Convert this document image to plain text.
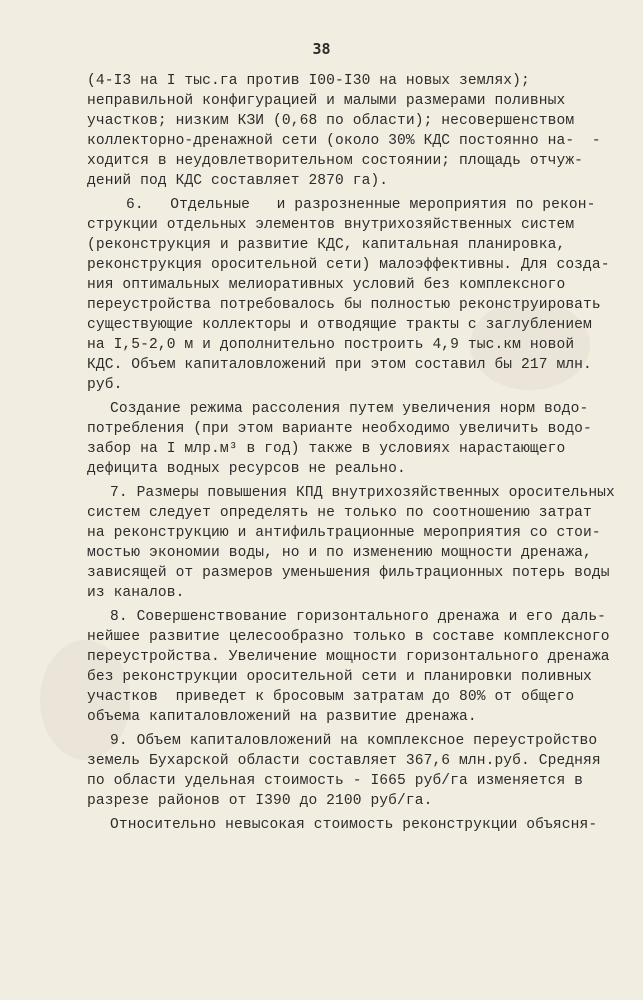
38
(4-I3 на I тыс.га против I00-I30 на новых землях);
неправильной конфигурацией и малыми размерами поливных
участков; низким КЗИ (0,68 по области); несовершенством
коллекторно-дренажной сети (около 30% КДС постоянно на-  -
ходится в неудовлетворительном состоянии; площадь отчуж-
дений под КДС составляет 2870 га).
6.   Отдельные   и разрозненные мероприятия по рекон-
струкции отдельных элементов внутрихозяйственных систем
(реконструкция и развитие КДС, капитальная планировка,
реконструкция оросительной сети) малоэффективны. Для созда-
ния оптимальных мелиоративных условий без комплексного
переустройства потребовалось бы полностью реконструировать
существующие коллекторы и отводящие тракты с заглублением
на I,5-2,0 м и дополнительно построить 4,9 тыс.км новой
КДС. Объем капиталовложений при этом составил бы 217 млн.
руб.
Создание режима рассоления путем увеличения норм водо-
потребления (при этом варианте необходимо увеличить водо-
забор на I млр.м³ в год) также в условиях нарастающего
дефицита водных ресурсов не реально.
7. Размеры повышения КПД внутрихозяйственных оросительных
систем следует определять не только по соотношению затрат
на реконструкцию и антифильтрационные мероприятия со стои-
мостью экономии воды, но и по изменению мощности дренажа,
зависящей от размеров уменьшения фильтрационных потерь воды
из каналов.
8. Совершенствование горизонтального дренажа и его даль-
нейшее развитие целесообразно только в составе комплексного
переустройства. Увеличение мощности горизонтального дренажа
без реконструкции оросительной сети и планировки поливных
участков  приведет к бросовым затратам до 80% от общего
объема капиталовложений на развитие дренажа.
9. Объем капиталовложений на комплексное переустройство
земель Бухарской области составляет 367,6 млн.руб. Средняя
по области удельная стоимость - I665 руб/га изменяется в
разрезе районов от I390 до 2100 руб/га.
Относительно невысокая стоимость реконструкции объясня-
